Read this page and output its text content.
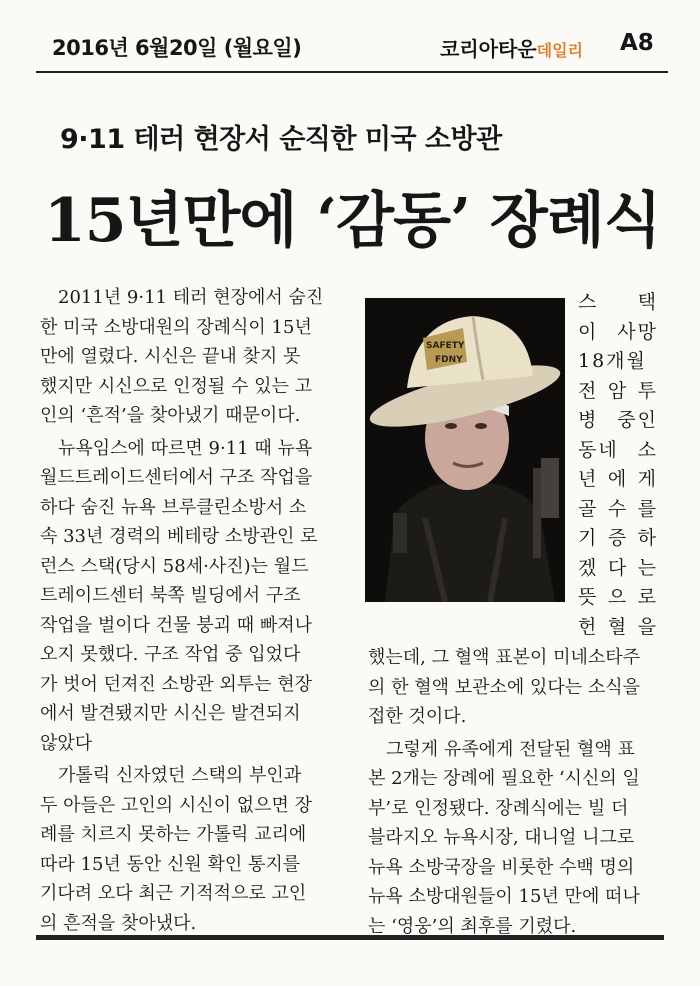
2016년 6월20일 (월요일)	코리아타운데일리 A8
9·11 테러 현장서 순직한 미국 소방관
15년만에 ‘감동’ 장례식

2011년 9·11 테러 현장에서 숨진
한 미국 소방대원의 장례식이 15년
만에 열렸다. 시신은 끝내 찾지 못
했지만 시신으로 인정될 수 있는 고
인의 ‘흔적’을 찾아냈기 때문이다.

뉴욕임스에 따르면 9·11 때 뉴욕
월드트레이드센터에서 구조 작업을
하다 숨진 뉴욕 브루클린소방서 소
속 33년 경력의 베테랑 소방관인 로
런스 스택(당시 58세·사진)는 월드
트레이드센터 북쪽 빌딩에서 구조
작업을 벌이다 건물 붕괴 때 빠져나
오지 못했다. 구조 작업 중 입었다
가 벗어 던져진 소방관 외투는 현장
에서 발견됐지만 시신은 발견되지
않았다

가톨릭 신자였던 스택의 부인과
두 아들은 고인의 시신이 없으면 장
례를 치르지 못하는 가톨릭 교리에
따라 15년 동안 신원 확인 통지를
기다려 오다 최근 기적적으로 고인
의 흔적을 찾아냈다.

SAFETY
FDNY
스 택
이 사망
18개월
전 암 투
병 중인
동네 소
년 에 게
골 수 를
기 증 하
겠 다 는
뜻 으 로
헌 혈 을

했는데, 그 혈액 표본이 미네소타주
의 한 혈액 보관소에 있다는 소식을
접한 것이다.

그렇게 유족에게 전달된 혈액 표
본 2개는 장례에 필요한 ‘시신의 일
부’로 인정됐다. 장례식에는 빌 더
블라지오 뉴욕시장, 대니얼 니그로
뉴욕 소방국장을 비롯한 수백 명의
뉴욕 소방대원들이 15년 만에 떠나
는 ‘영웅’의 최후를 기렸다.
